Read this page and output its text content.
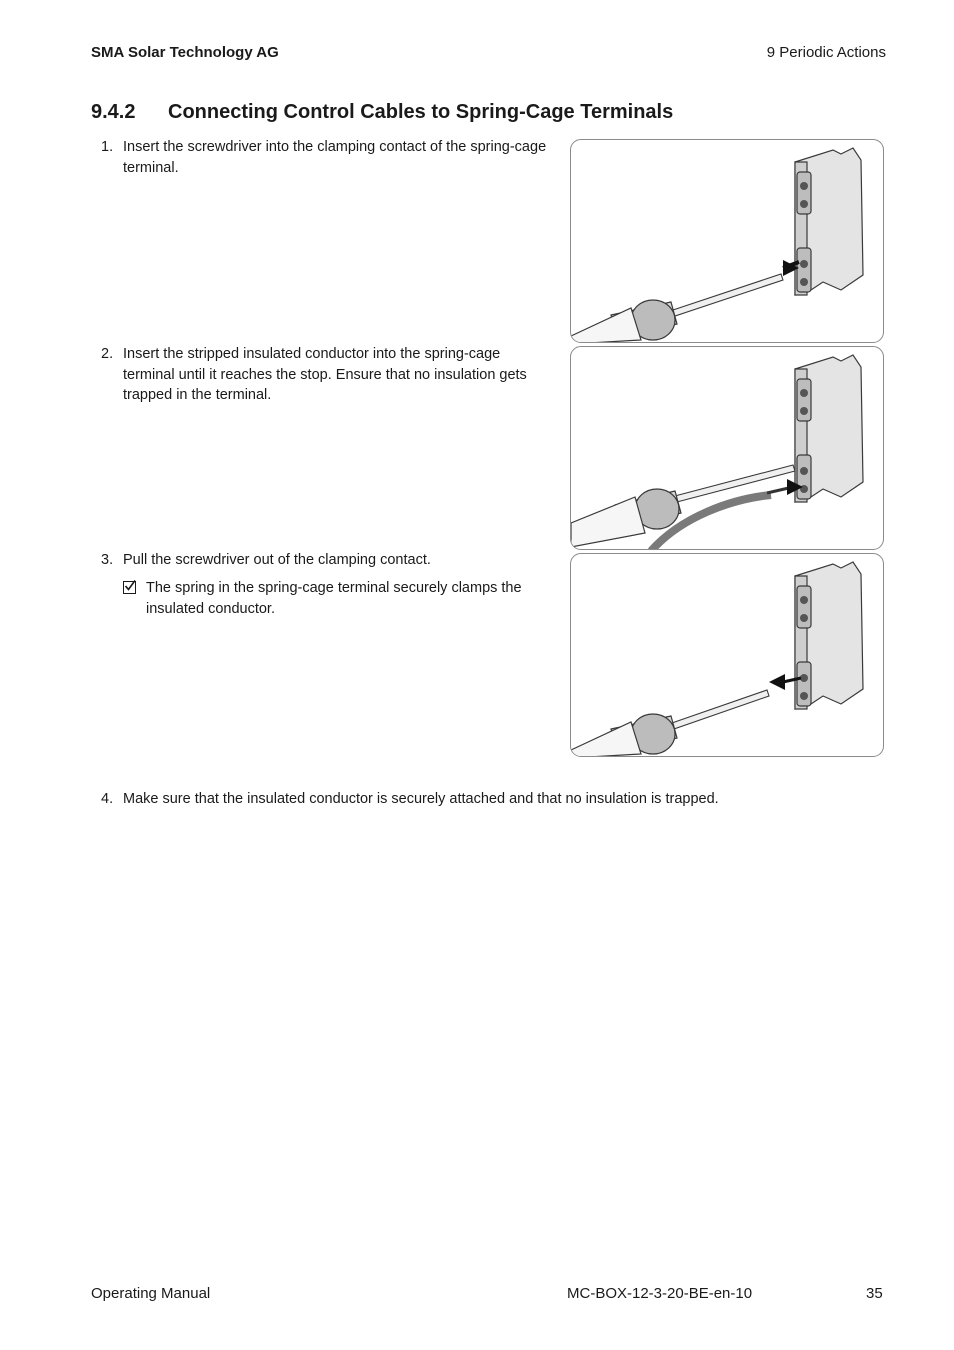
SMA Solar Technology AG	9 Periodic Actions
9.4.2 Connecting Control Cables to Spring-Cage Terminals
1. Insert the screwdriver into the clamping contact of the spring-cage
terminal.
2. Insert the stripped insulated conductor into the spring-cage
terminal until it reaches the stop. Ensure that no insulation gets
trapped in the terminal.
3. Pull the screwdriver out of the clamping contact.
The spring in the spring-cage terminal securely clamps the
insulated conductor.
4. Make sure that the insulated conductor is securely attached and that no insulation is trapped.
Operating Manual	MC-BOX-12-3-20-BE-en-10	35
